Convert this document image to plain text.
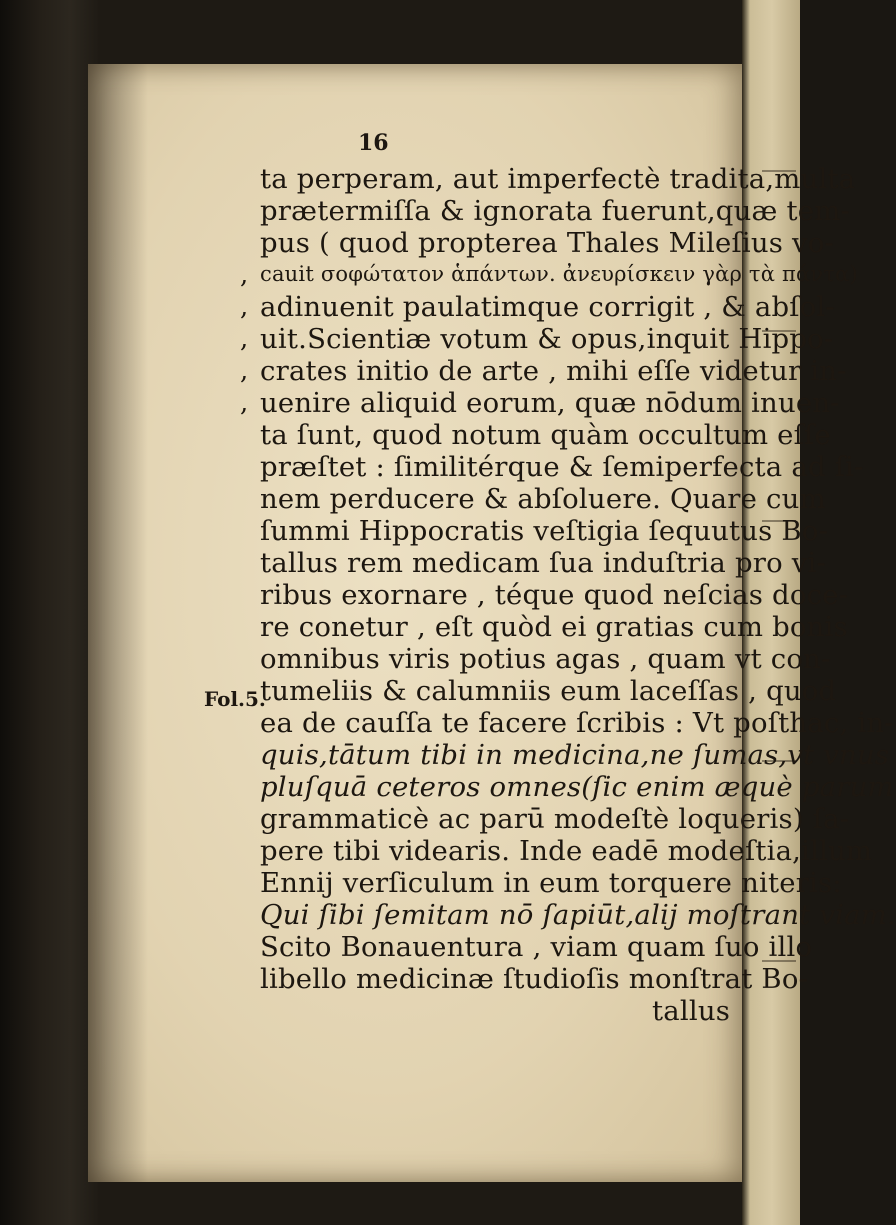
16
Fol.5.
,
,
,
,
,
ta perperam, aut imperfectè tradita,multa
prætermiſſa & ignorata fuerunt,quæ tem-
pus ( quod propterea Thales Mileſius vo-
cauit σοφώτατον ἁπάντων. ἀνευρίσκειν γὰρ τὰ πάντα)
adinuenit paulatimque corrigit , & abſol-
uit.Scientiæ votum & opus,inquit Hippo-
crates initio de arte , mihi eſſe videtur in-
uenire aliquid eorum, quæ nōdum inuen-
ta ſunt, quod notum quàm occultum eſſe
præſtet : ſimilitérque & ſemiperfecta ad ſi-
nem perducere & abſoluere. Quare cum
ſummi Hippocratis veſtigia ſequutus Bo-
tallus rem medicam ſua induſtria pro vi-
ribus exornare , téque quod neſcias doce-
re conetur , eſt quòd ei gratias cum bonis
omnibus viris potius agas , quam vt con-
tumeliis & calumniis eum laceſſas , quod
ea de cauſſa te facere ſcribis : Vt poſthac, in-
quis,tātum tibi in medicina,ne ſumas,vt vnus
pluſquā ceteros omnes(ſic enim æquè parum
grammaticè ac parū modeſtè loqueris) ſa-
pere tibi videaris. Inde eadē modeſtia,illum
Ennij verſiculum in eum torquere niteris:
Qui ſibi ſemitam nō ſapiūt,alij moſtrant viam.
Scito Bonauentura , viam quam ſuo illo
libello medicinæ ſtudioſis monſtrat Bo-
tallus
